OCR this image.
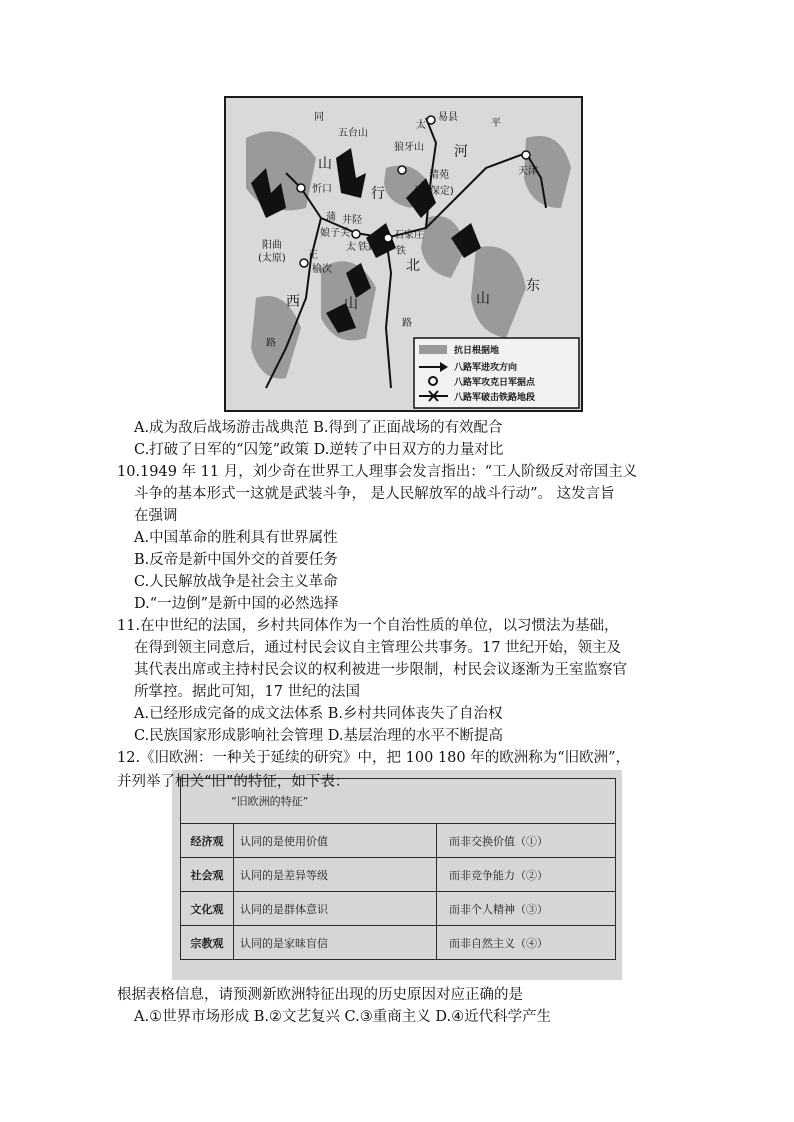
同
五台山
太
易县
平
狼牙山 河
天津
山
忻口	行
清苑
汉 (保定)
蒲 井陉
娘子关	石家庄
阳曲
(太原) 正
太 铁路 铁
榆次	北
西	山	山
东
路
路
抗日根据地
八路军进攻方向
八路军攻克日军据点
八路军破击铁路地段
A.成为敌后战场游击战典范 B.得到了正面战场的有效配合
C.打破了日军的“囚笼”政策 D.逆转了中日双方的力量对比
10.1949 年 11 月，刘少奇在世界工人理事会发言指出：“工人阶级反对帝国主义
斗争的基本形式一这就是武装斗争， 是人民解放军的战斗行动”。 这发言旨
在强调
A.中国革命的胜利具有世界属性
B.反帝是新中国外交的首要任务
C.人民解放战争是社会主义革命
D.“一边倒”是新中国的必然选择
11.在中世纪的法国，乡村共同体作为一个自治性质的单位，以习惯法为基础，
在得到领主同意后，通过村民会议自主管理公共事务。17 世纪开始，领主及
其代表出席或主持村民会议的权利被进一步限制，村民会议逐渐为王室监察官
所掌控。据此可知，17 世纪的法国
A.已经形成完备的成文法体系 B.乡村共同体丧失了自治权
C.民族国家形成影响社会管理 D.基层治理的水平不断提高
12.《旧欧洲：一种关于延续的研究》中，把 100 180 年的欧洲称为“旧欧洲”，
“旧欧洲的特征”		
经济观	认同的是使用价值	而非交换价值（①）
社会观	认同的是差异等级	而非竞争能力（②）
文化观	认同的是群体意识	而非个人精神（③）
宗教观	认同的是家昧盲信	而非自然主义（④）
根据表格信息，请预测新欧洲特征出现的历史原因对应正确的是
A.①世界市场形成 B.②文艺复兴 C.③重商主义 D.④近代科学产生
并列举了相关“旧”的特征，如下表：
